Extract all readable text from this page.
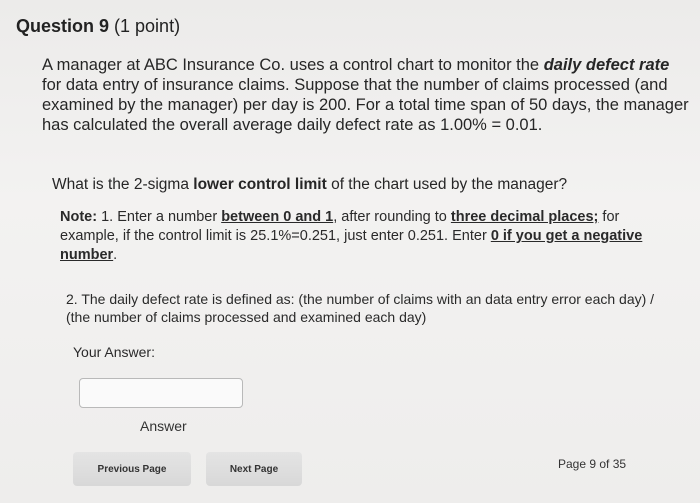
Question 9 (1 point)
A manager at ABC Insurance Co. uses a control chart to monitor the daily defect rate for data entry of insurance claims. Suppose that the number of claims processed (and examined by the manager) per day is 200. For a total time span of 50 days, the manager has calculated the overall average daily defect rate as 1.00% = 0.01.
What is the 2-sigma lower control limit of the chart used by the manager?
Note: 1. Enter a number between 0 and 1, after rounding to three decimal places; for example, if the control limit is 25.1%=0.251, just enter 0.251. Enter 0 if you get a negative number.
2. The daily defect rate is defined as: (the number of claims with an data entry error each day) / (the number of claims processed and examined each day)
Your Answer:
Answer
Previous Page	Next Page	Page 9 of 35
